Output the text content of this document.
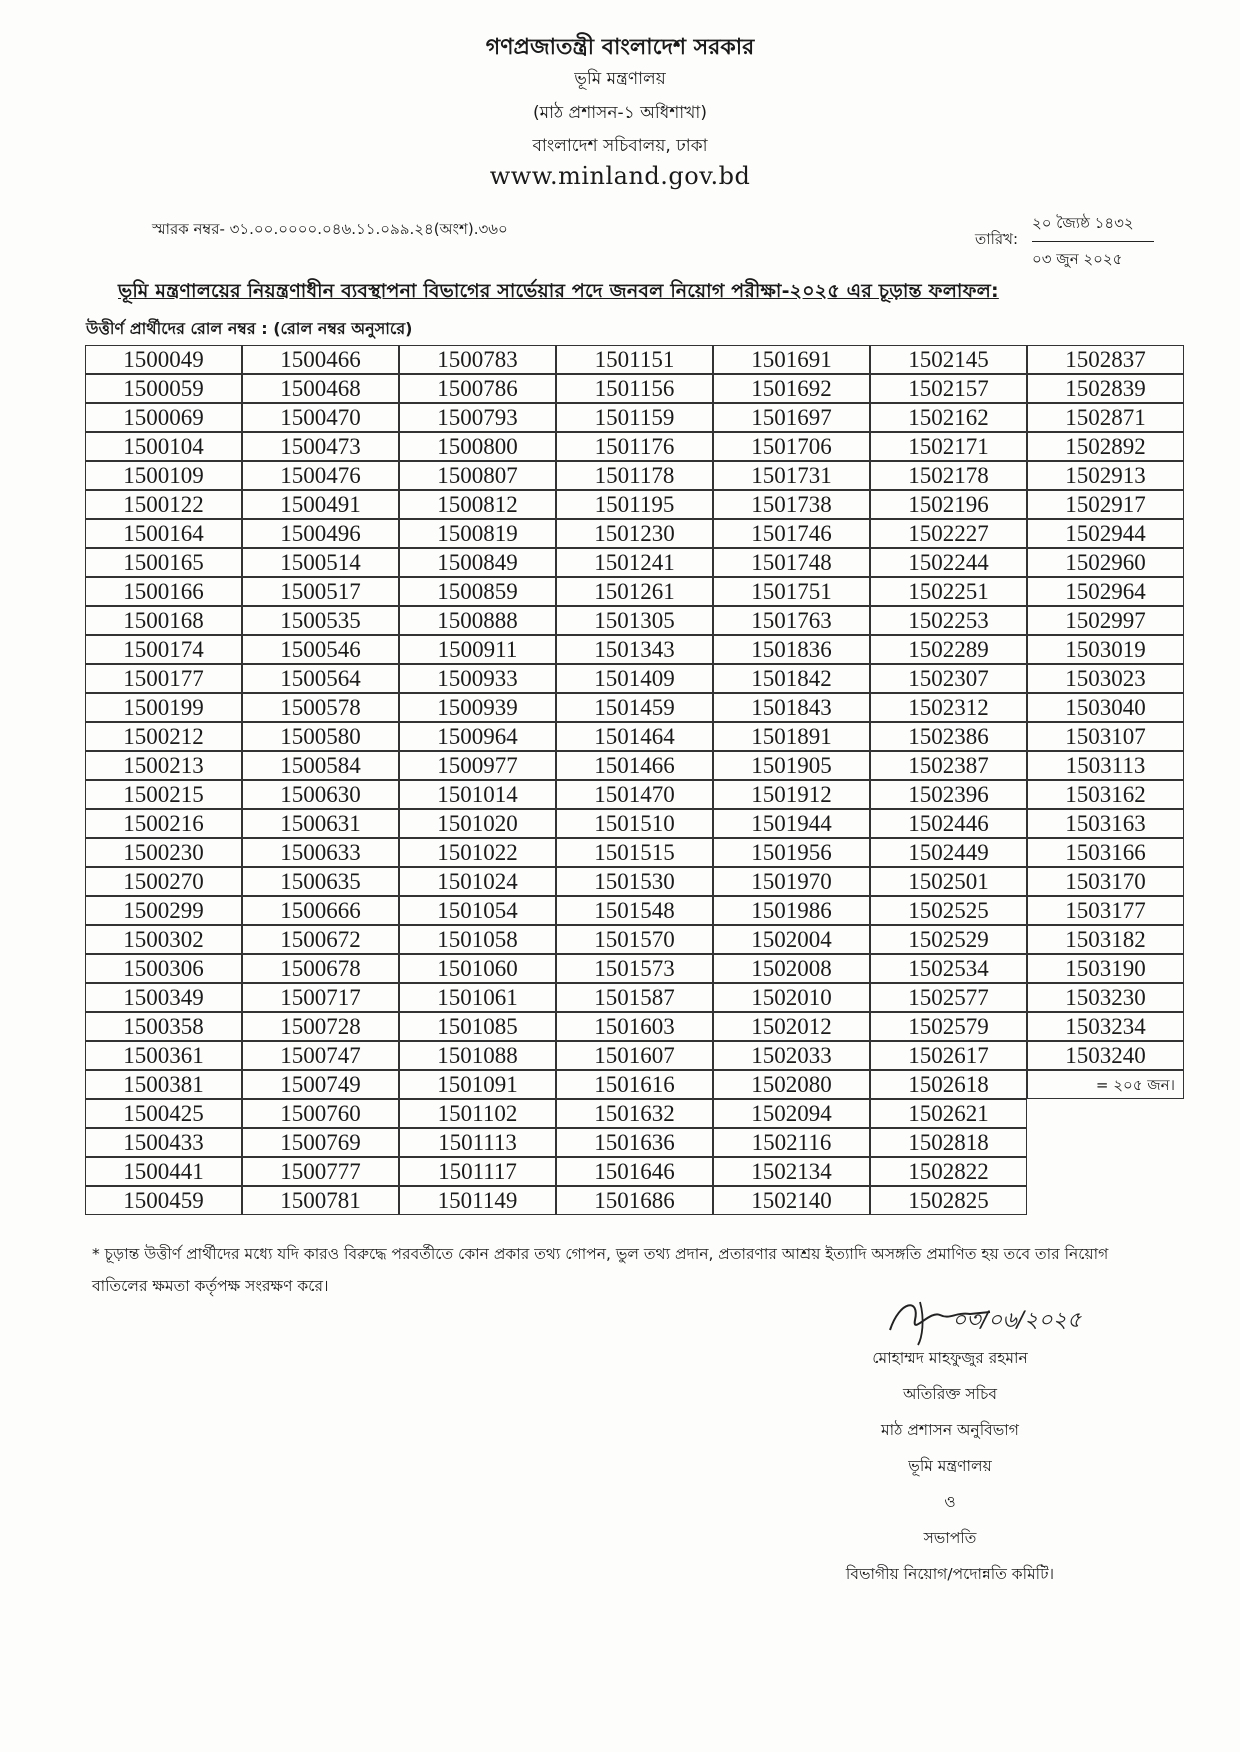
গণপ্রজাতন্ত্রী বাংলাদেশ সরকার
ভূমি মন্ত্রণালয়
(মাঠ প্রশাসন-১ অধিশাখা)
বাংলাদেশ সচিবালয়, ঢাকা
www.minland.gov.bd
স্মারক নম্বর- ৩১.০০.০০০০.০৪৬.১১.০৯৯.২৪(অংশ).৩৬০
তারিখ:
২০ জ্যৈষ্ঠ ১৪৩২
০৩ জুন ২০২৫
ভূমি মন্ত্রণালয়ের নিয়ন্ত্রণাধীন ব্যবস্থাপনা বিভাগের সার্ভেয়ার পদে জনবল নিয়োগ পরীক্ষা-২০২৫ এর চূড়ান্ত ফলাফল:
উত্তীর্ণ প্রার্থীদের রোল নম্বর : (রোল নম্বর অনুসারে)
1500049
1500059
1500069
1500104
1500109
1500122
1500164
1500165
1500166
1500168
1500174
1500177
1500199
1500212
1500213
1500215
1500216
1500230
1500270
1500299
1500302
1500306
1500349
1500358
1500361
1500381
1500425
1500433
1500441
1500459
1500466
1500468
1500470
1500473
1500476
1500491
1500496
1500514
1500517
1500535
1500546
1500564
1500578
1500580
1500584
1500630
1500631
1500633
1500635
1500666
1500672
1500678
1500717
1500728
1500747
1500749
1500760
1500769
1500777
1500781
1500783
1500786
1500793
1500800
1500807
1500812
1500819
1500849
1500859
1500888
1500911
1500933
1500939
1500964
1500977
1501014
1501020
1501022
1501024
1501054
1501058
1501060
1501061
1501085
1501088
1501091
1501102
1501113
1501117
1501149
1501151
1501156
1501159
1501176
1501178
1501195
1501230
1501241
1501261
1501305
1501343
1501409
1501459
1501464
1501466
1501470
1501510
1501515
1501530
1501548
1501570
1501573
1501587
1501603
1501607
1501616
1501632
1501636
1501646
1501686
1501691
1501692
1501697
1501706
1501731
1501738
1501746
1501748
1501751
1501763
1501836
1501842
1501843
1501891
1501905
1501912
1501944
1501956
1501970
1501986
1502004
1502008
1502010
1502012
1502033
1502080
1502094
1502116
1502134
1502140
1502145
1502157
1502162
1502171
1502178
1502196
1502227
1502244
1502251
1502253
1502289
1502307
1502312
1502386
1502387
1502396
1502446
1502449
1502501
1502525
1502529
1502534
1502577
1502579
1502617
1502618
1502621
1502818
1502822
1502825
1502837
1502839
1502871
1502892
1502913
1502917
1502944
1502960
1502964
1502997
1503019
1503023
1503040
1503107
1503113
1503162
1503163
1503166
1503170
1503177
1503182
1503190
1503230
1503234
1503240
= ২০৫ জন।
* চূড়ান্ত উত্তীর্ণ প্রার্থীদের মধ্যে যদি কারও বিরুদ্ধে পরবর্তীতে কোন প্রকার তথ্য গোপন, ভুল তথ্য প্রদান, প্রতারণার আশ্রয় ইত্যাদি অসঙ্গতি প্রমাণিত হয় তবে তার নিয়োগ বাতিলের ক্ষমতা কর্তৃপক্ষ সংরক্ষণ করে।
০৩/০৬/২০২৫
মোহাম্মদ মাহফুজুর রহমান
অতিরিক্ত সচিব
মাঠ প্রশাসন অনুবিভাগ
ভূমি মন্ত্রণালয়
ও
সভাপতি
বিভাগীয় নিয়োগ/পদোন্নতি কমিটি।
